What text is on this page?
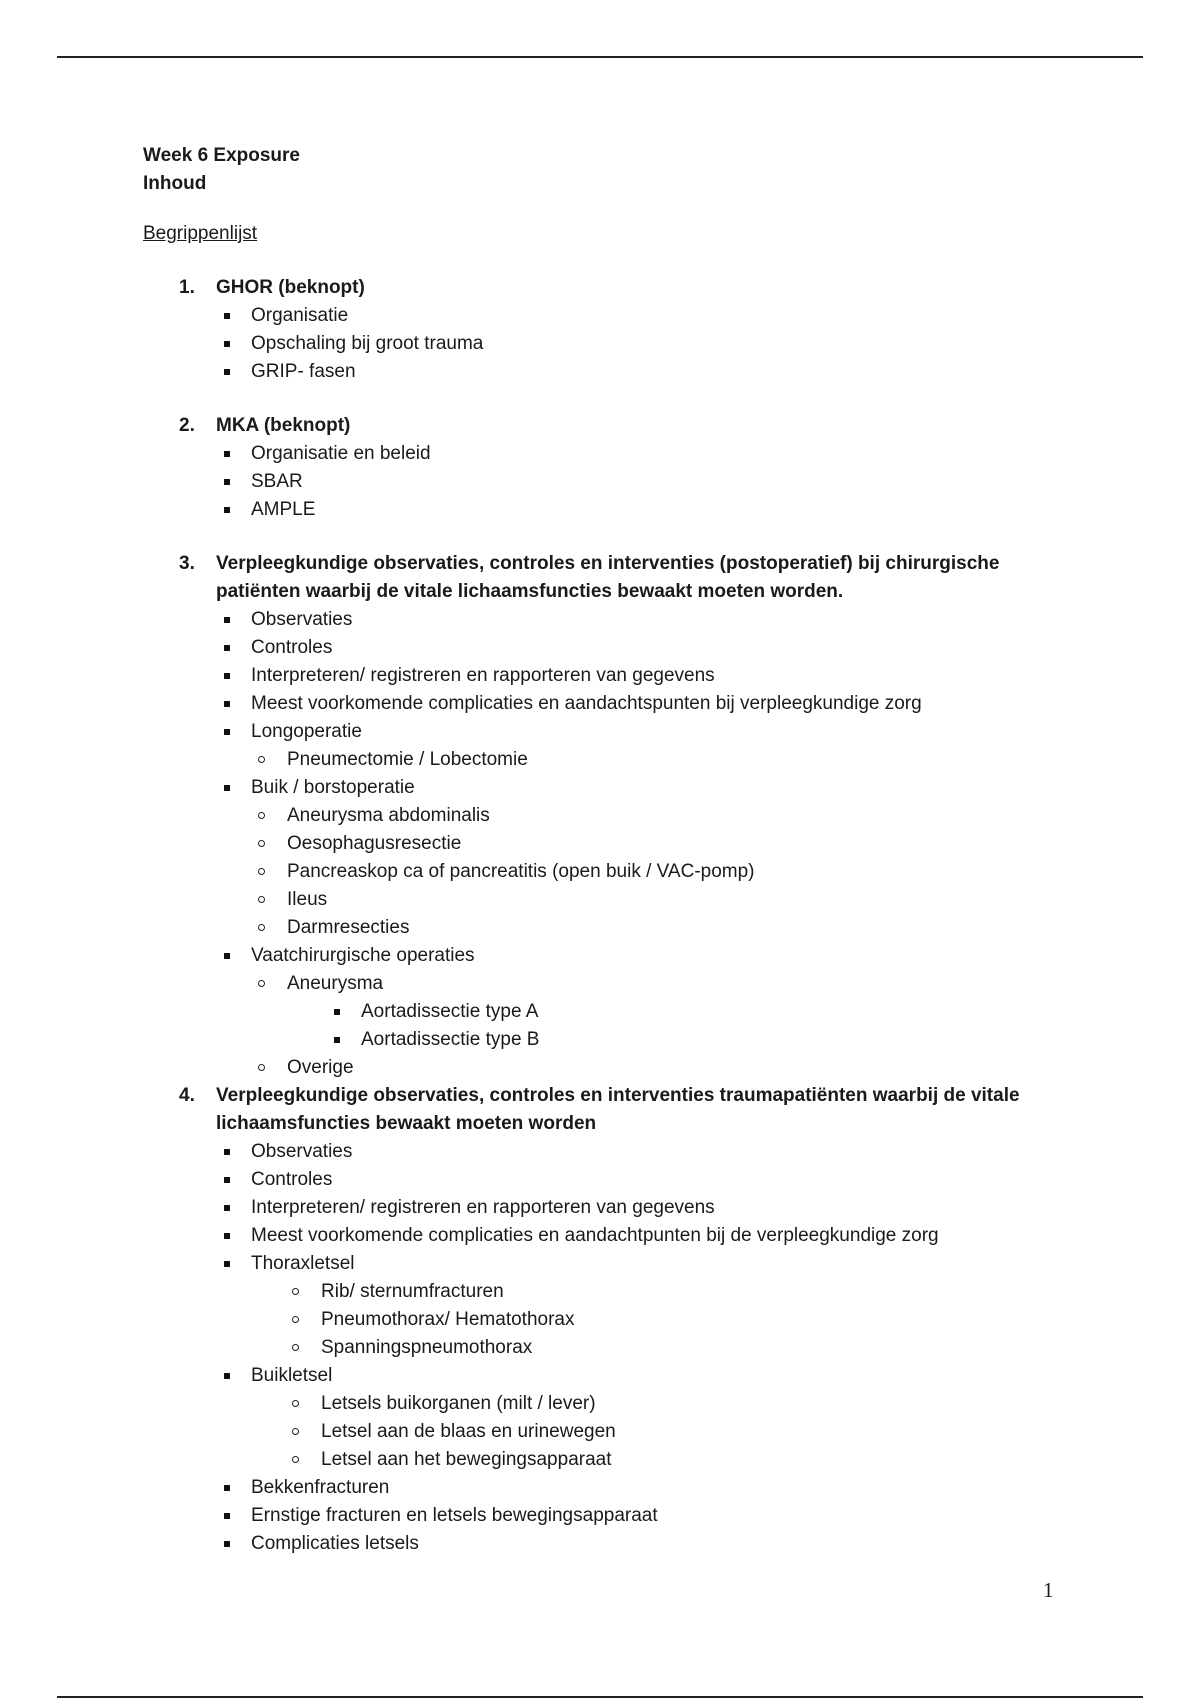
Week 6 Exposure
Inhoud
Begrippenlijst
1.	GHOR (beknopt)
Organisatie
Opschaling bij groot trauma
GRIP- fasen
2.	MKA (beknopt)
Organisatie en beleid
SBAR
AMPLE
3.	Verpleegkundige observaties, controles en interventies (postoperatief) bij chirurgische patiënten waarbij de vitale lichaamsfuncties bewaakt moeten worden.
Observaties
Controles
Interpreteren/ registreren en rapporteren van gegevens
Meest voorkomende complicaties en aandachtspunten bij verpleegkundige zorg
Longoperatie
Pneumectomie / Lobectomie
Buik / borstoperatie
Aneurysma abdominalis
Oesophagusresectie
Pancreaskop ca of pancreatitis (open buik / VAC-pomp)
Ileus
Darmresecties
Vaatchirurgische operaties
Aneurysma
Aortadissectie type A
Aortadissectie type B
Overige
4.	Verpleegkundige observaties, controles en interventies traumapatiënten waarbij de vitale lichaamsfuncties bewaakt moeten worden
Observaties
Controles
Interpreteren/ registreren en rapporteren van gegevens
Meest voorkomende complicaties en aandachtpunten bij de verpleegkundige zorg
Thoraxletsel
Rib/ sternumfracturen
Pneumothorax/ Hematothorax
Spanningspneumothorax
Buikletsel
Letsels buikorganen (milt / lever)
Letsel aan de blaas en urinewegen
Letsel aan het bewegingsapparaat
Bekkenfracturen
Ernstige fracturen en letsels bewegingsapparaat
Complicaties letsels
1
